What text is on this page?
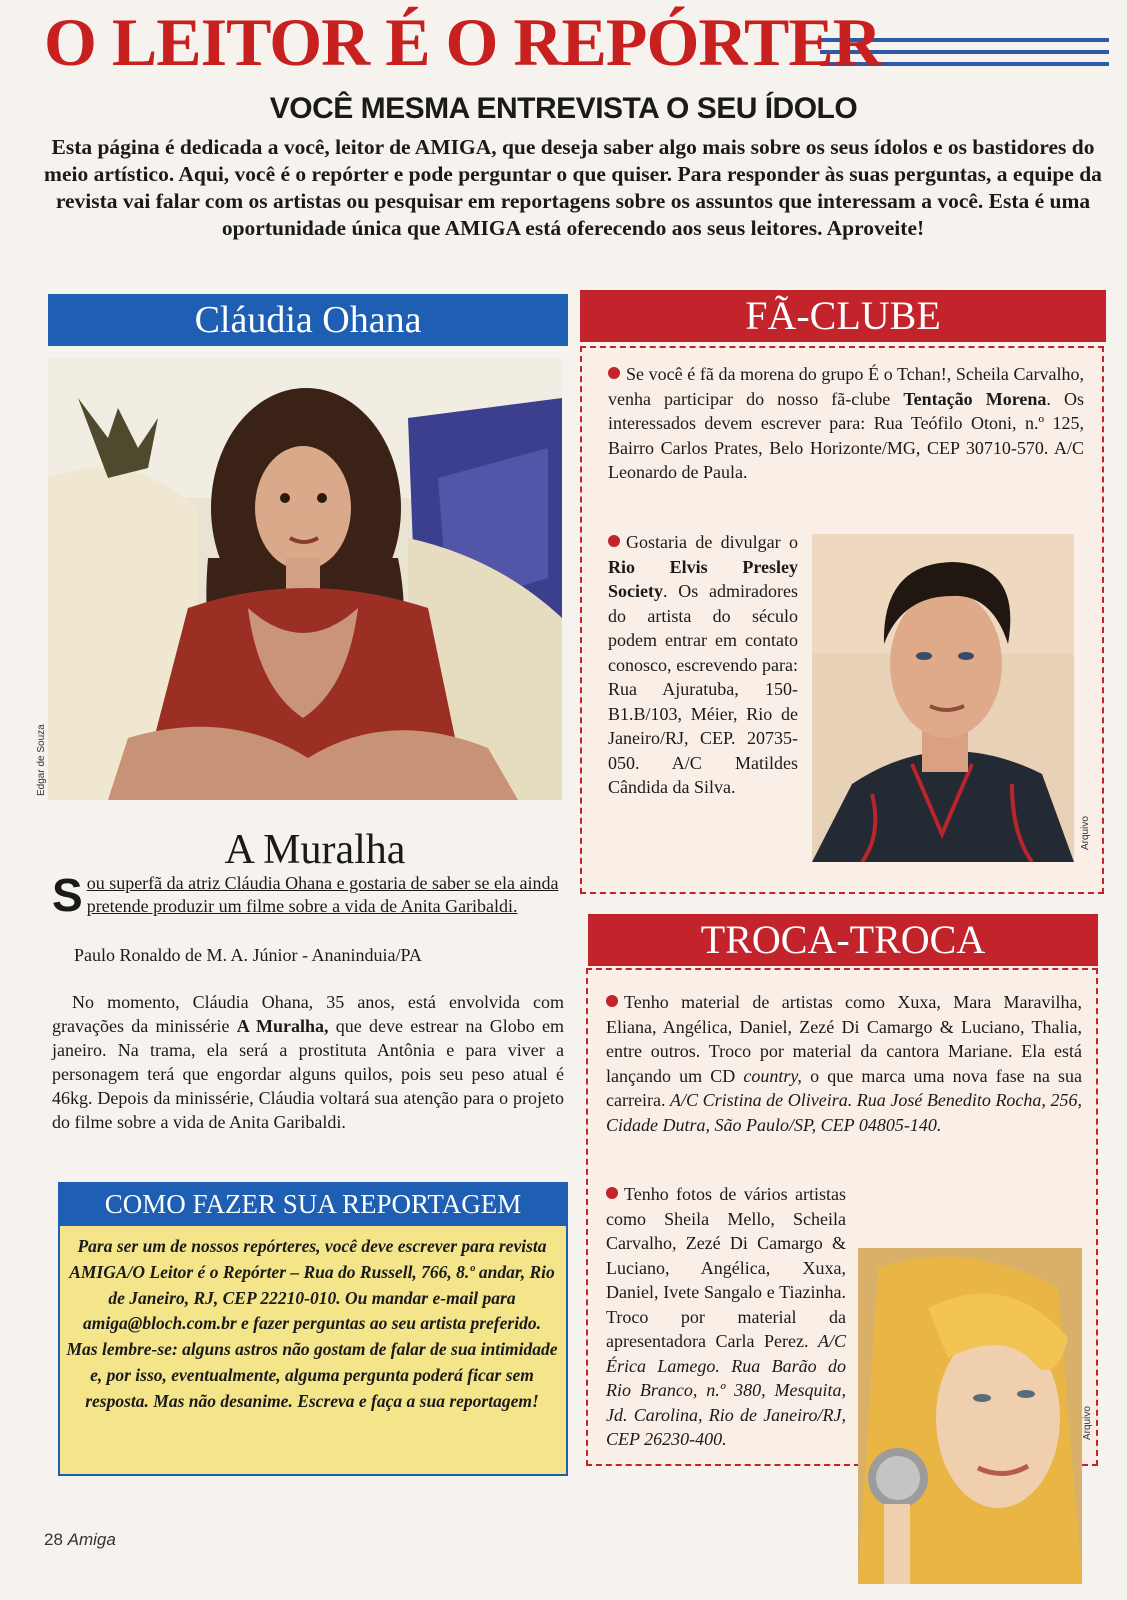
O LEITOR É O REPÓRTER
VOCÊ MESMA ENTREVISTA O SEU ÍDOLO
Esta página é dedicada a você, leitor de AMIGA, que deseja saber algo mais sobre os seus ídolos e os bastidores do meio artístico. Aqui, você é o repórter e pode perguntar o que quiser. Para responder às suas perguntas, a equipe da revista vai falar com os artistas ou pesquisar em reportagens sobre os assuntos que interessam a você. Esta é uma oportunidade única que AMIGA está oferecendo aos seus leitores. Aproveite!
Cláudia Ohana
Edgar de Souza
A Muralha
S ou superfã da atriz Cláudia Ohana e gostaria de saber se ela ainda pretende produzir um filme sobre a vida de Anita Garibaldi.
Paulo Ronaldo de M. A. Júnior - Ananinduia/PA
No momento, Cláudia Ohana, 35 anos, está envolvida com gravações da minissérie A Muralha, que deve estrear na Globo em janeiro. Na trama, ela será a prostituta Antônia e para viver a personagem terá que engordar alguns quilos, pois seu peso atual é 46kg. Depois da minissérie, Cláudia voltará sua atenção para o projeto do filme sobre a vida de Anita Garibaldi.
COMO FAZER SUA REPORTAGEM
Para ser um de nossos repórteres, você deve escrever para revista AMIGA/O Leitor é o Repórter – Rua do Russell, 766, 8.º andar, Rio de Janeiro, RJ, CEP 22210-010. Ou mandar e-mail para amiga@bloch.com.br e fazer perguntas ao seu artista preferido. Mas lembre-se: alguns astros não gostam de falar de sua intimidade e, por isso, eventualmente, alguma pergunta poderá ficar sem resposta. Mas não desanime. Escreva e faça a sua reportagem!
28 Amiga
FÃ-CLUBE
Se você é fã da morena do grupo É o Tchan!, Scheila Carvalho, venha participar do nosso fã-clube Tentação Morena. Os interessados devem escrever para: Rua Teófilo Otoni, n.º 125, Bairro Carlos Prates, Belo Horizonte/MG, CEP 30710-570. A/C Leonardo de Paula.
Gostaria de divulgar o Rio Elvis Presley Society. Os admiradores do artista do século podem entrar em contato conosco, escrevendo para: Rua Ajuratuba, 150-B1.B/103, Méier, Rio de Janeiro/RJ, CEP. 20735-050. A/C Matildes Cândida da Silva.
Arquivo
TROCA-TROCA
Tenho material de artistas como Xuxa, Mara Maravilha, Eliana, Angélica, Daniel, Zezé Di Camargo & Luciano, Thalia, entre outros. Troco por material da cantora Mariane. Ela está lançando um CD country, o que marca uma nova fase na sua carreira. A/C Cristina de Oliveira. Rua José Benedito Rocha, 256, Cidade Dutra, São Paulo/SP, CEP 04805-140.
Tenho fotos de vários artistas como Sheila Mello, Scheila Carvalho, Zezé Di Camargo & Luciano, Angélica, Xuxa, Daniel, Ivete Sangalo e Tiazinha. Troco por material da apresentadora Carla Perez. A/C Érica Lamego. Rua Barão do Rio Branco, n.º 380, Mesquita, Jd. Carolina, Rio de Janeiro/RJ, CEP 26230-400.	Arquivo
